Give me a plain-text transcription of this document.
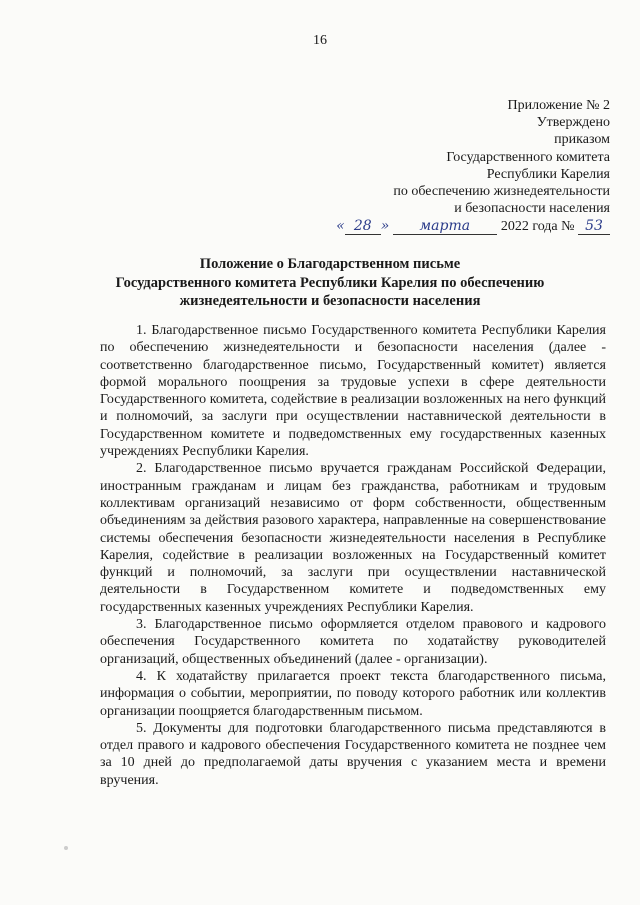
16
Приложение № 2
Утверждено
приказом
Государственного комитета
Республики Карелия
по обеспечению жизнедеятельности
и безопасности населения
« 28 » марта 2022 года № 53
Положение о Благодарственном письме
Государственного комитета Республики Карелия по обеспечению
жизнедеятельности и безопасности населения

1. Благодарственное письмо Государственного комитета Республики Карелия по обеспечению жизнедеятельности и безопасности населения (далее - соответственно благодарственное письмо, Государственный комитет) является формой морального поощрения за трудовые успехи в сфере деятельности Государственного комитета, содействие в реализации возложенных на него функций и полномочий, за заслуги при осуществлении наставнической деятельности в Государственном комитете и подведомственных ему государственных казенных учреждениях Республики Карелия.

2. Благодарственное письмо вручается гражданам Российской Федерации, иностранным гражданам и лицам без гражданства, работникам и трудовым коллективам организаций независимо от форм собственности, общественным объединениям за действия разового характера, направленные на совершенствование системы обеспечения безопасности жизнедеятельности населения в Республике Карелия, содействие в реализации возложенных на Государственный комитет функций и полномочий, за заслуги при осуществлении наставнической деятельности в Государственном комитете и подведомственных ему государственных казенных учреждениях Республики Карелия.

3. Благодарственное письмо оформляется отделом правового и кадрового обеспечения Государственного комитета по ходатайству руководителей организаций, общественных объединений (далее - организации).

4. К ходатайству прилагается проект текста благодарственного письма, информация о событии, мероприятии, по поводу которого работник или коллектив организации поощряется благодарственным письмом.

5. Документы для подготовки благодарственного письма представляются в отдел правого и кадрового обеспечения Государственного комитета не позднее чем за 10 дней до предполагаемой даты вручения с указанием места и времени вручения.
